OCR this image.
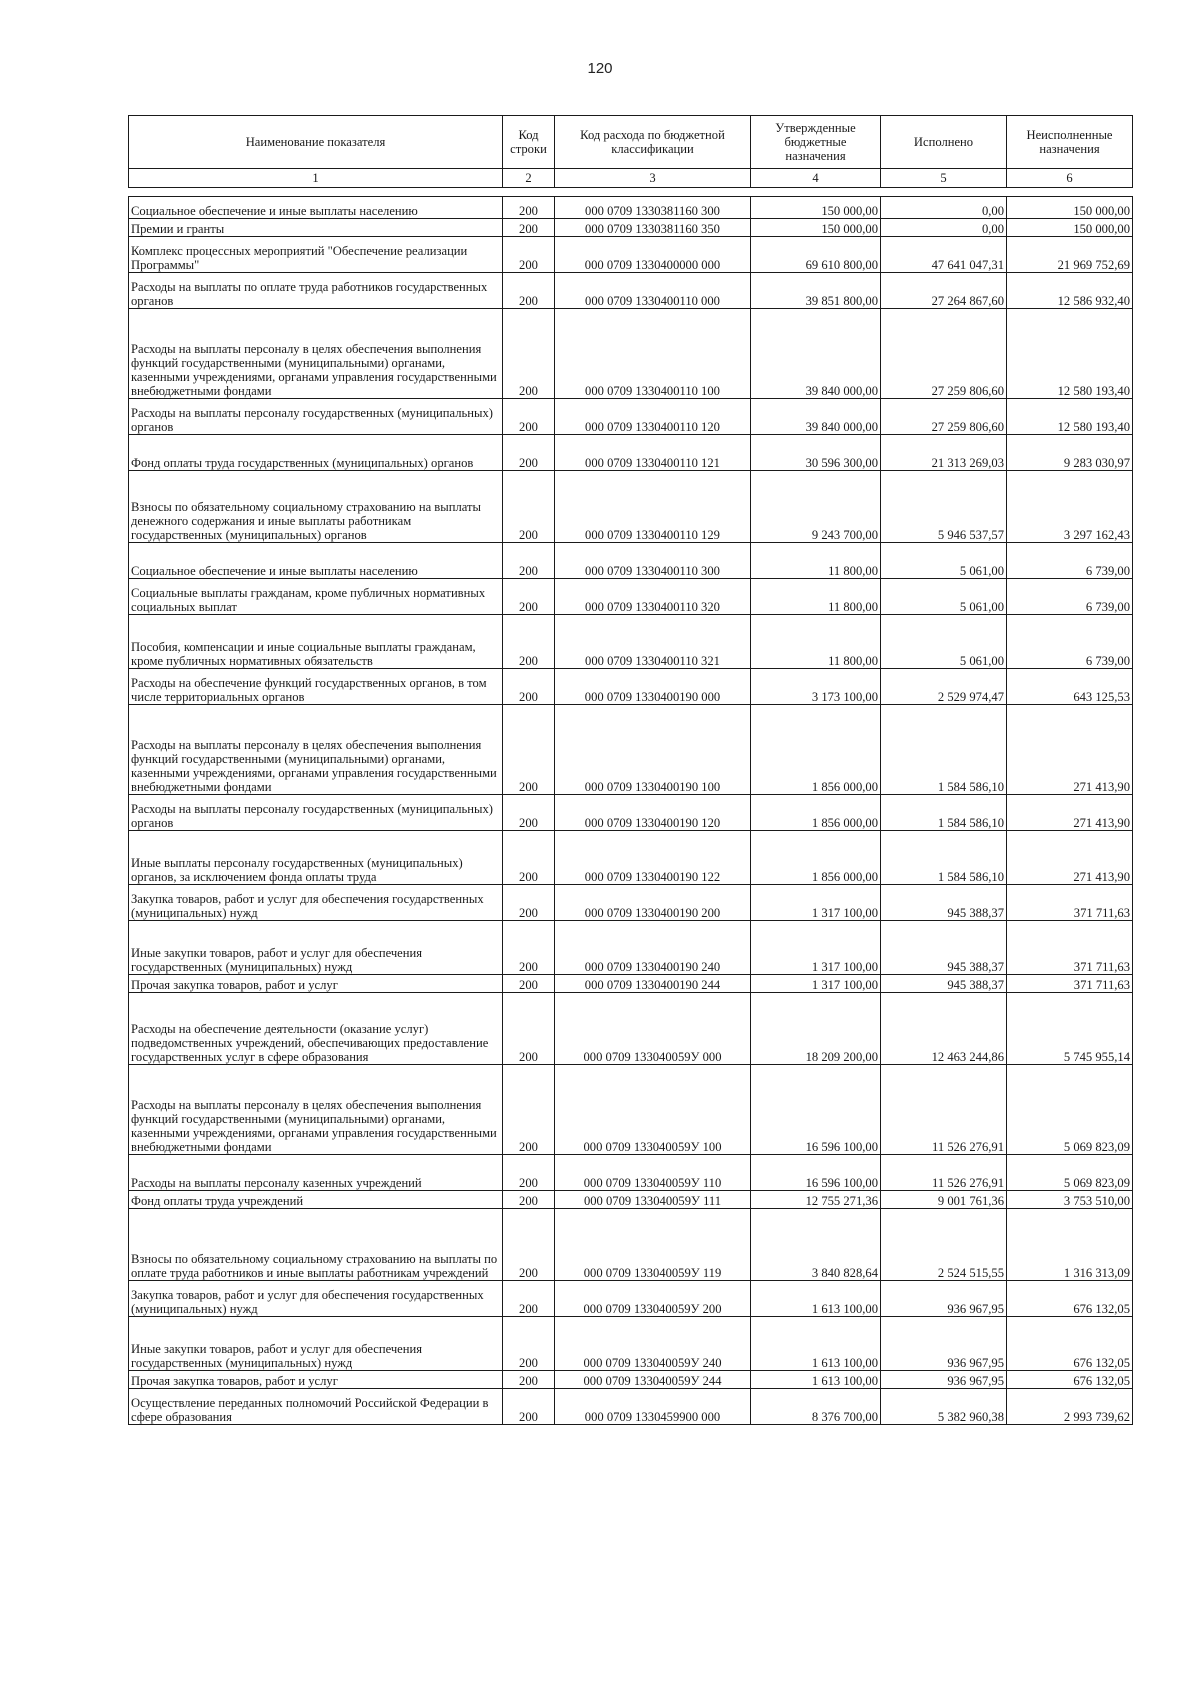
120
Наименование показателя	Код строки	Код расхода по бюджетной классификации	Утвержденные бюджетные назначения	Исполнено	Неисполненные назначения
1	2	3	4	5	6

Социальное обеспечение и иные выплаты населению	200	000 0709 1330381160 300	150 000,00	0,00	150 000,00
Премии и гранты	200	000 0709 1330381160 350	150 000,00	0,00	150 000,00
Комплекс процессных мероприятий "Обеспечение реализации Программы"	200	000 0709 1330400000 000	69 610 800,00	47 641 047,31	21 969 752,69
Расходы на выплаты по оплате труда работников государственных органов	200	000 0709 1330400110 000	39 851 800,00	27 264 867,60	12 586 932,40
Расходы на выплаты персоналу в целях обеспечения выполнения функций государственными (муниципальными) органами, казенными учреждениями, органами управления государственными внебюджетными фондами	200	000 0709 1330400110 100	39 840 000,00	27 259 806,60	12 580 193,40
Расходы на выплаты персоналу государственных (муниципальных) органов	200	000 0709 1330400110 120	39 840 000,00	27 259 806,60	12 580 193,40
Фонд оплаты труда государственных (муниципальных) органов	200	000 0709 1330400110 121	30 596 300,00	21 313 269,03	9 283 030,97
Взносы по обязательному социальному страхованию на выплаты денежного содержания и иные выплаты работникам государственных (муниципальных) органов	200	000 0709 1330400110 129	9 243 700,00	5 946 537,57	3 297 162,43
Социальное обеспечение и иные выплаты населению	200	000 0709 1330400110 300	11 800,00	5 061,00	6 739,00
Социальные выплаты гражданам, кроме публичных нормативных социальных выплат	200	000 0709 1330400110 320	11 800,00	5 061,00	6 739,00
Пособия, компенсации и иные социальные выплаты гражданам, кроме публичных нормативных обязательств	200	000 0709 1330400110 321	11 800,00	5 061,00	6 739,00
Расходы на обеспечение функций государственных органов, в том числе территориальных органов	200	000 0709 1330400190 000	3 173 100,00	2 529 974,47	643 125,53
Расходы на выплаты персоналу в целях обеспечения выполнения функций государственными (муниципальными) органами, казенными учреждениями, органами управления государственными внебюджетными фондами	200	000 0709 1330400190 100	1 856 000,00	1 584 586,10	271 413,90
Расходы на выплаты персоналу государственных (муниципальных) органов	200	000 0709 1330400190 120	1 856 000,00	1 584 586,10	271 413,90
Иные выплаты персоналу государственных (муниципальных) органов, за исключением фонда оплаты труда	200	000 0709 1330400190 122	1 856 000,00	1 584 586,10	271 413,90
Закупка товаров, работ и услуг для обеспечения государственных (муниципальных) нужд	200	000 0709 1330400190 200	1 317 100,00	945 388,37	371 711,63
Иные закупки товаров, работ и услуг для обеспечения государственных (муниципальных) нужд	200	000 0709 1330400190 240	1 317 100,00	945 388,37	371 711,63
Прочая закупка товаров, работ и услуг	200	000 0709 1330400190 244	1 317 100,00	945 388,37	371 711,63
Расходы на обеспечение деятельности (оказание услуг) подведомственных учреждений, обеспечивающих предоставление государственных услуг в сфере образования	200	000 0709 133040059У 000	18 209 200,00	12 463 244,86	5 745 955,14
Расходы на выплаты персоналу в целях обеспечения выполнения функций государственными (муниципальными) органами, казенными учреждениями, органами управления государственными внебюджетными фондами	200	000 0709 133040059У 100	16 596 100,00	11 526 276,91	5 069 823,09
Расходы на выплаты персоналу казенных учреждений	200	000 0709 133040059У 110	16 596 100,00	11 526 276,91	5 069 823,09
Фонд оплаты труда учреждений	200	000 0709 133040059У 111	12 755 271,36	9 001 761,36	3 753 510,00
Взносы по обязательному социальному страхованию на выплаты по оплате труда работников и иные выплаты работникам учреждений	200	000 0709 133040059У 119	3 840 828,64	2 524 515,55	1 316 313,09
Закупка товаров, работ и услуг для обеспечения государственных (муниципальных) нужд	200	000 0709 133040059У 200	1 613 100,00	936 967,95	676 132,05
Иные закупки товаров, работ и услуг для обеспечения государственных (муниципальных) нужд	200	000 0709 133040059У 240	1 613 100,00	936 967,95	676 132,05
Прочая закупка товаров, работ и услуг	200	000 0709 133040059У 244	1 613 100,00	936 967,95	676 132,05
Осуществление переданных полномочий Российской Федерации в сфере образования	200	000 0709 1330459900 000	8 376 700,00	5 382 960,38	2 993 739,62
